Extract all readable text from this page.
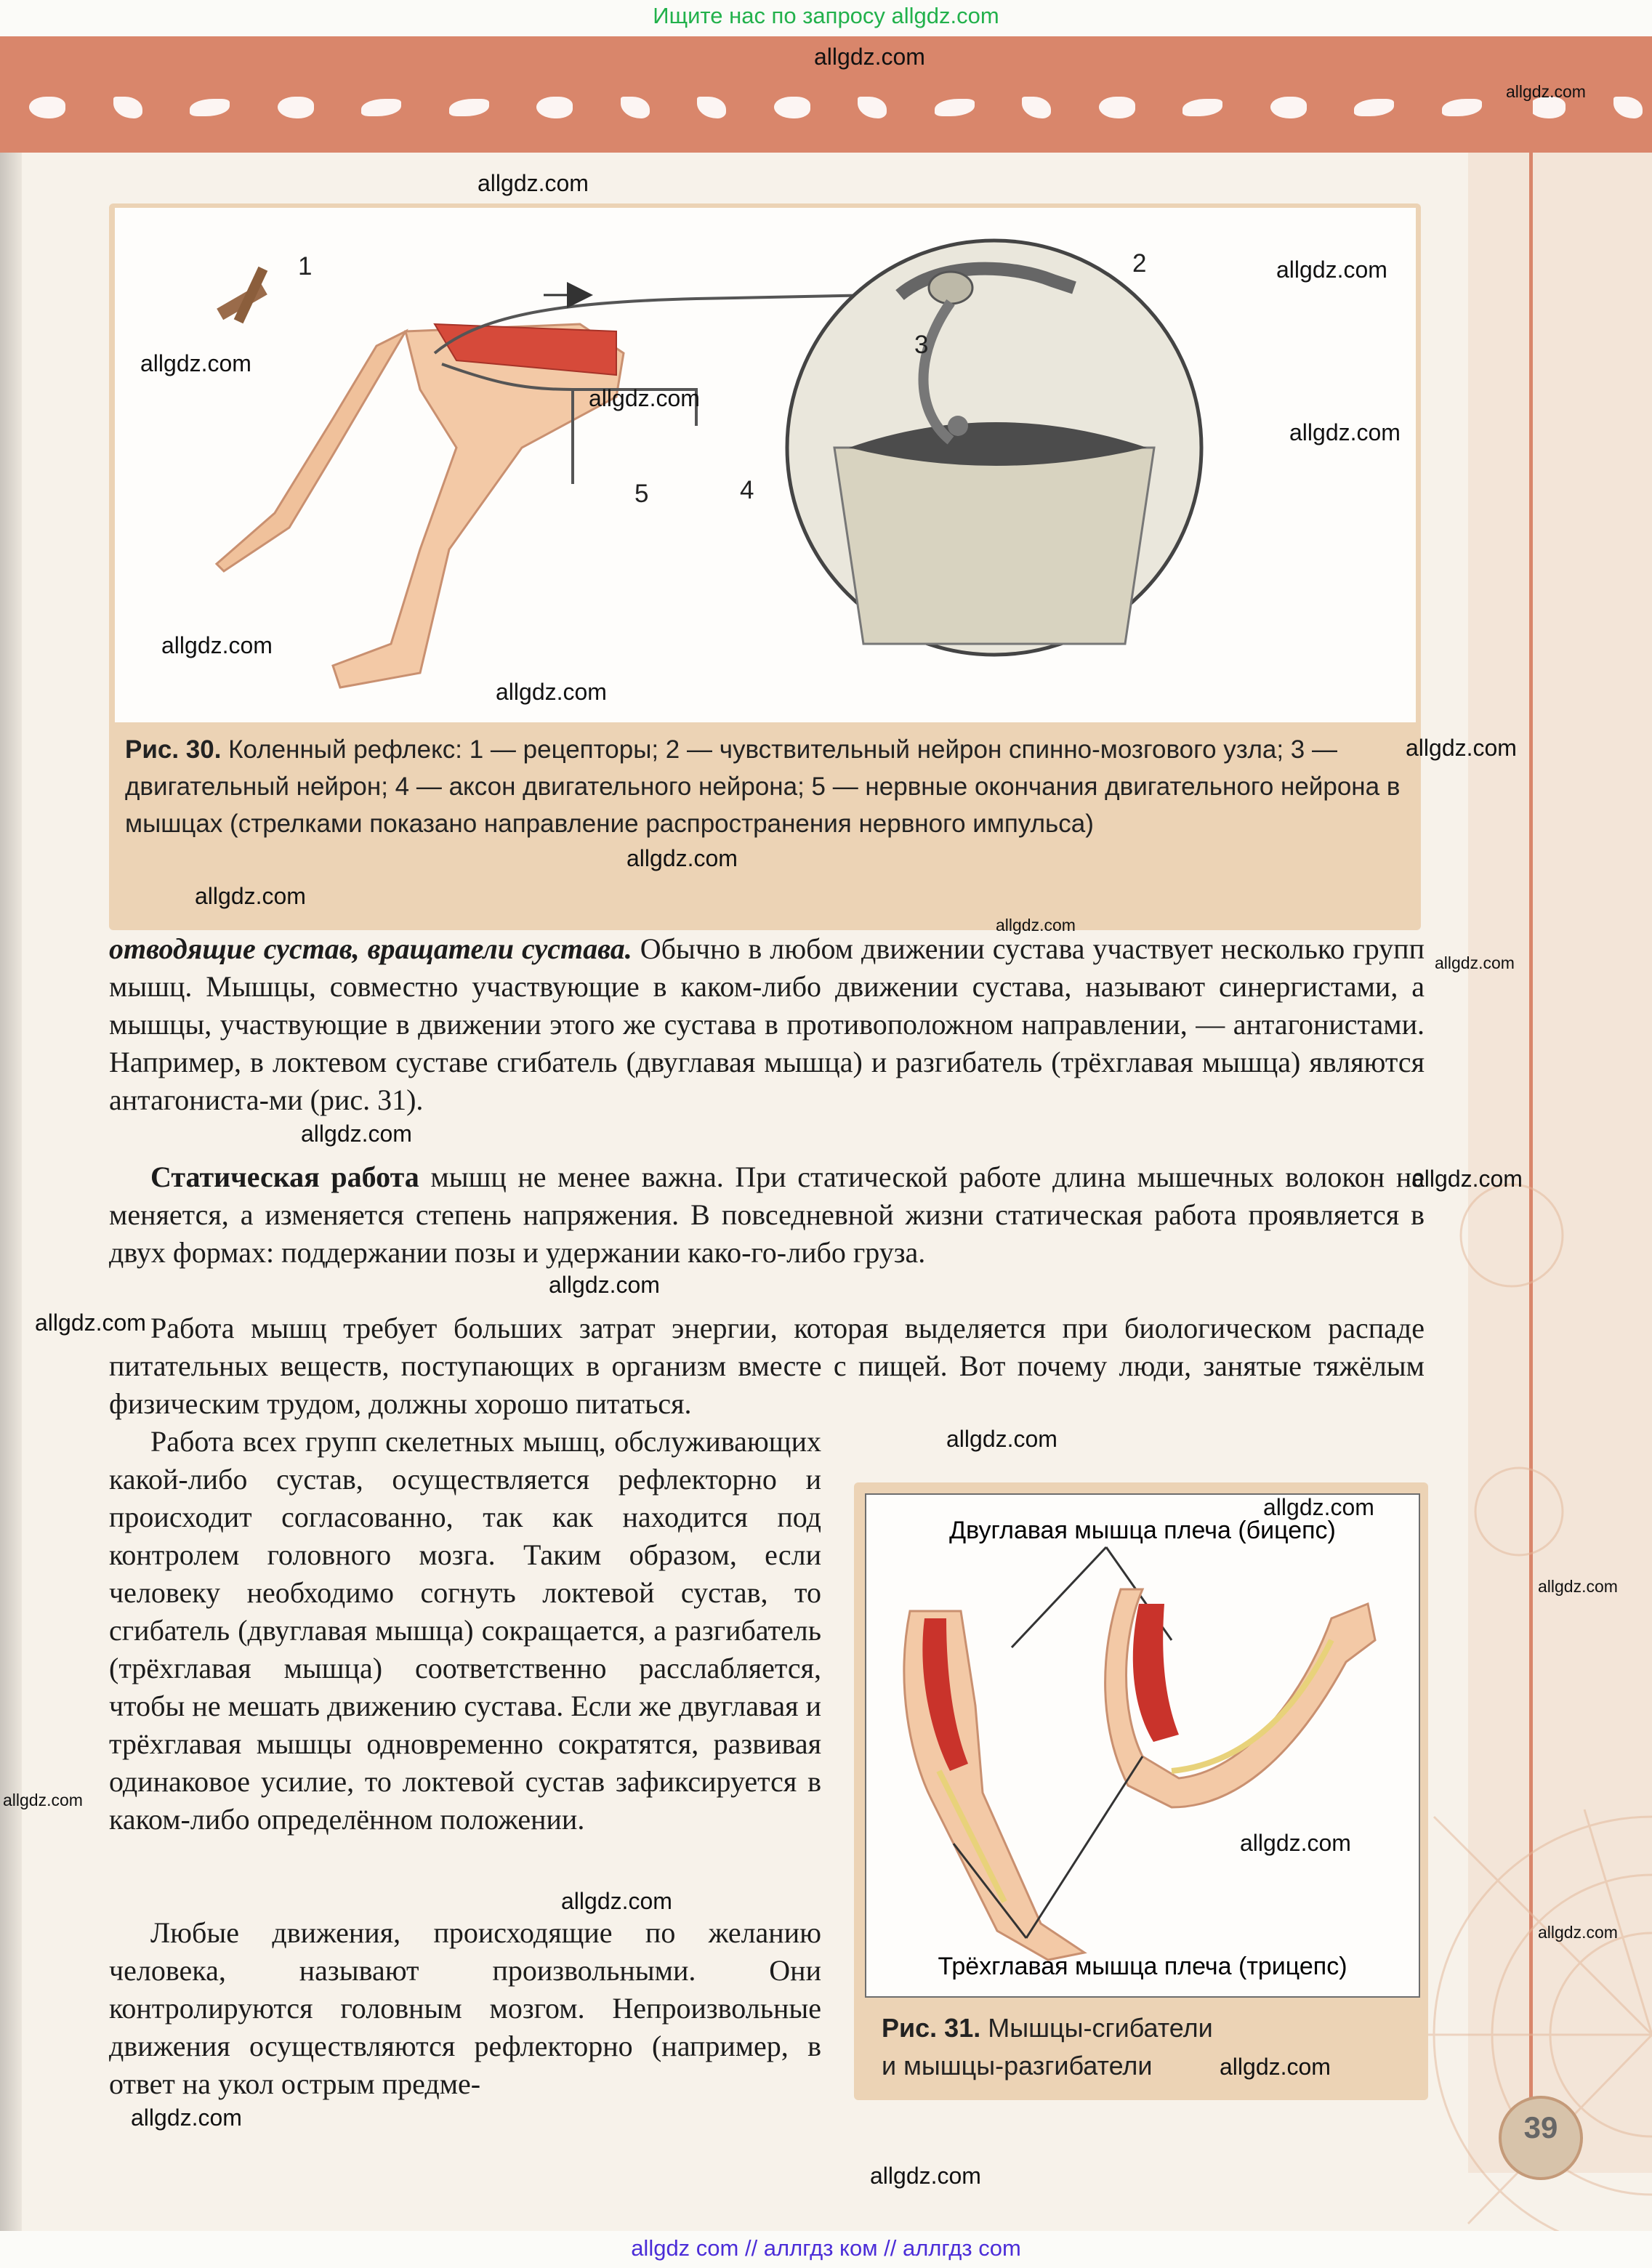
Ищите нас по запросу allgdz.com
1	2
3
4
5
Рис. 30. Коленный рефлекс: 1 — рецепторы; 2 — чувствительный нейрон спинно-мозгового узла; 3 — двигательный нейрон; 4 — аксон двигательного нейрона; 5 — нервные окончания двигательного нейрона в мышцах (стрелками показано направление распространения нервного импульса)
отводящие сустав, вращатели сустава. Обычно в любом движении сустава участвует несколько групп мышц. Мышцы, совместно участвующие в каком-либо движении сустава, называют синергистами, а мышцы, участвующие в движении этого же сустава в противоположном направлении, — антагонистами. Например, в локтевом суставе сгибатель (двуглавая мышца) и разгибатель (трёхглавая мышца) являются антагониста-ми (рис. 31).
Статическая работа мышц не менее важна. При статической работе длина мышечных волокон не меняется, а изменяется степень напряжения. В повседневной жизни статическая работа проявляется в двух формах: поддержании позы и удержании како-го-либо груза.
Работа мышц требует больших затрат энергии, которая выделяется при биологическом распаде питательных веществ, поступающих в организм вместе с пищей. Вот почему люди, занятые тяжёлым физическим трудом, должны хорошо питаться.
Работа всех групп скелетных мышц, обслуживающих какой-либо сустав, осуществляется рефлекторно и происходит согласованно, так как находится под контролем головного мозга. Таким образом, если человеку необходимо согнуть локтевой сустав, то сгибатель (двуглавая мышца) сокращается, а разгибатель (трёхглавая мышца) соответственно расслабляется, чтобы не мешать движению сустава. Если же двуглавая и трёхглавая мышцы одновременно сократятся, развивая одинаковое усилие, то локтевой сустав зафиксируется в каком-либо определённом положении.
Любые движения, происходящие по желанию человека, называют произвольными. Они контролируются головным мозгом. Непроизвольные движения осуществляются рефлекторно (например, в ответ на укол острым предме-
Двуглавая мышца плеча (бицепс)
Трёхглавая мышца плеча (трицепс)
Рис. 31. Мышцы-сгибатели
и мышцы-разгибатели
39
allgdz.com
allgdz.com
allgdz.com
allgdz.com
allgdz.com
allgdz.com
allgdz.com
allgdz.com
allgdz.com
allgdz.com
allgdz.com
allgdz.com
allgdz.com
allgdz.com
allgdz.com
allgdz.com
allgdz.com
allgdz.com
allgdz.com
allgdz.com
allgdz.com
allgdz.com
allgdz.com
allgdz.com
allgdz.com
allgdz.com
allgdz.com
allgdz.com
allgdz com // аллгдз ком // аллгдз com
